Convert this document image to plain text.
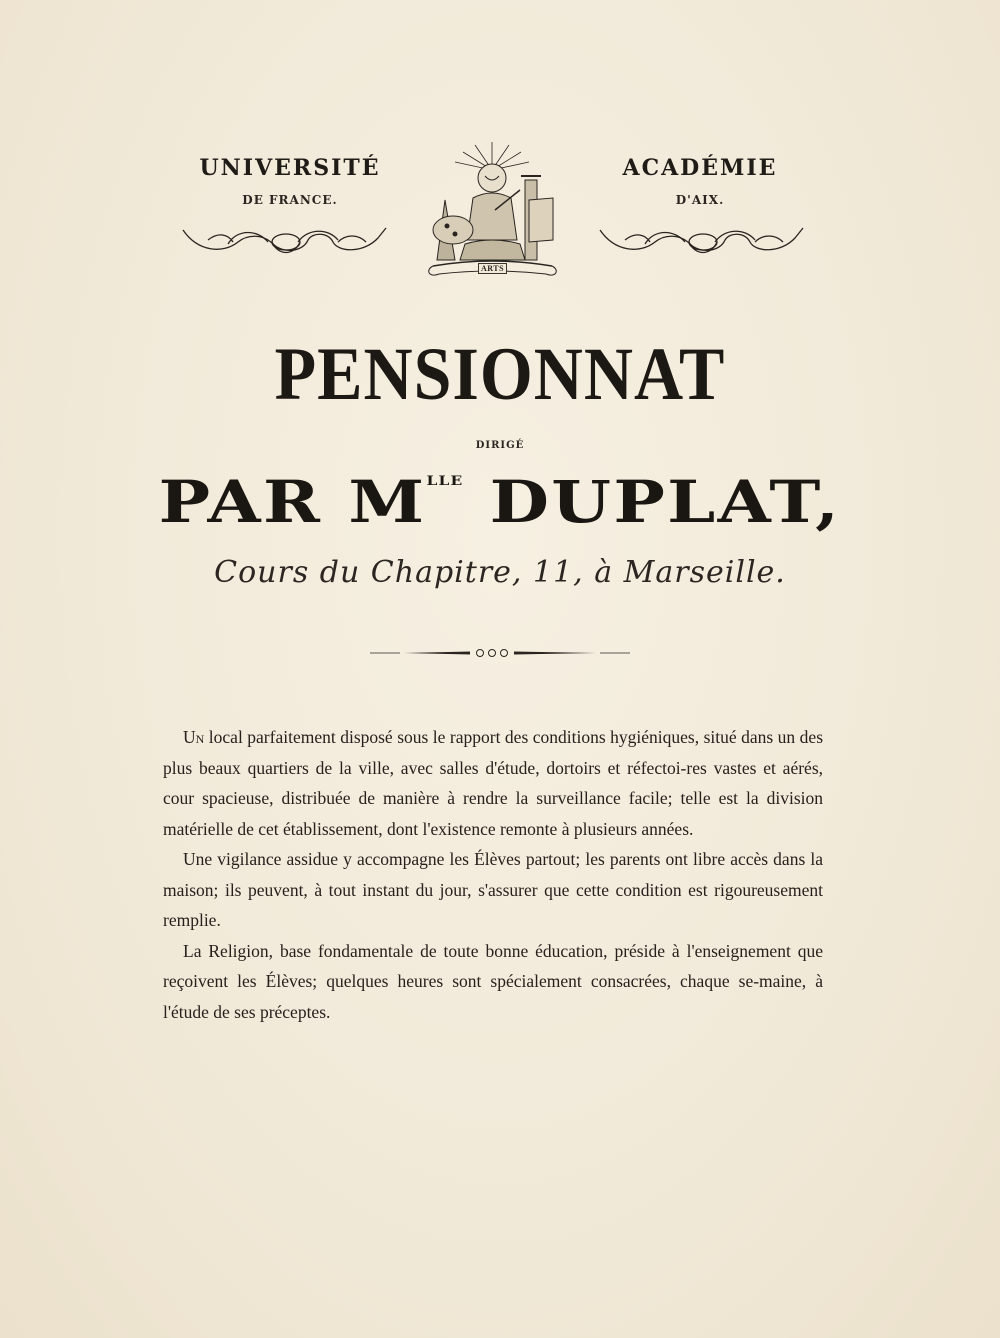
UNIVERSITÉ
DE FRANCE.
ARTS
ACADÉMIE
D'AIX.
PENSIONNAT
DIRIGÉ
PAR $M^{LLE}$ DUPLAT,
Cours du Chapitre, 11, à Marseille.

Un local parfaitement disposé sous le rapport des conditions hygiéniques, situé dans un des plus beaux quartiers de la ville, avec salles d'étude, dortoirs et réfectoi-res vastes et aérés, cour spacieuse, distribuée de manière à rendre la surveillance facile; telle est la division matérielle de cet établissement, dont l'existence remonte à plusieurs années.

Une vigilance assidue y accompagne les Élèves partout; les parents ont libre accès dans la maison; ils peuvent, à tout instant du jour, s'assurer que cette condition est rigoureusement remplie.

La Religion, base fondamentale de toute bonne éducation, préside à l'enseignement que reçoivent les Élèves; quelques heures sont spécialement consacrées, chaque se-maine, à l'étude de ses préceptes.
